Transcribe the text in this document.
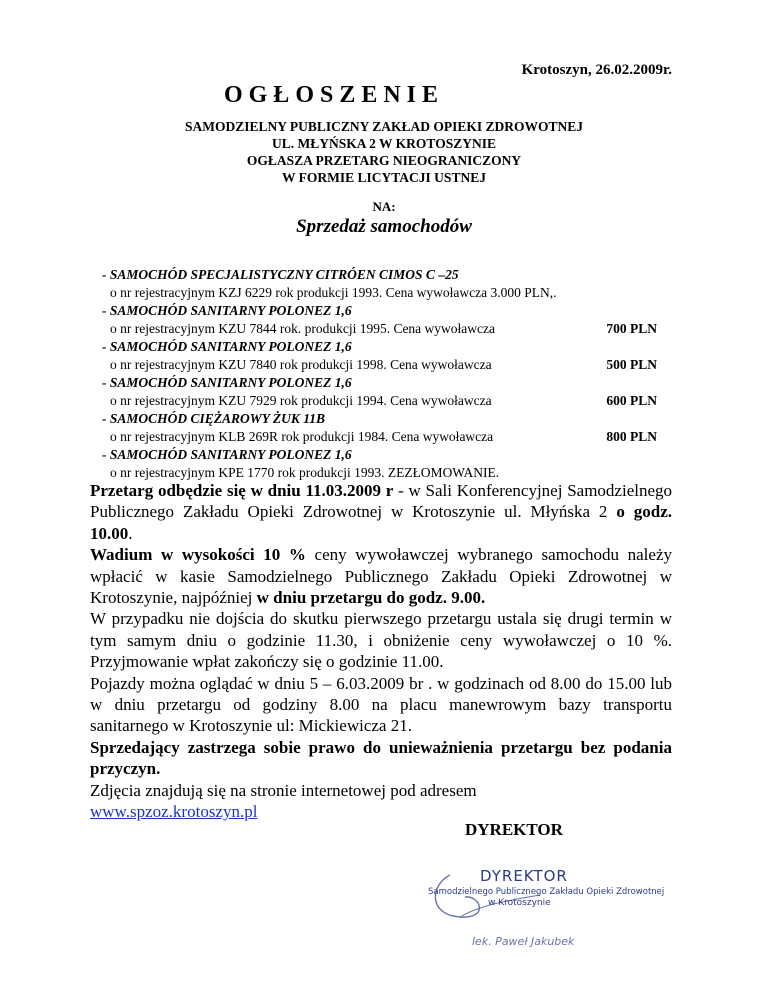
Krotoszyn, 26.02.2009r.
OGŁOSZENIE
SAMODZIELNY PUBLICZNY ZAKŁAD OPIEKI ZDROWOTNEJ
UL. MŁYŃSKA 2 W KROTOSZYNIE
OGŁASZA PRZETARG NIEOGRANICZONY
W FORMIE LICYTACJI USTNEJ
NA:
Sprzedaż samochodów
- SAMOCHÓD SPECJALISTYCZNY CITRÓEN CIMOS C –25
o nr rejestracyjnym KZJ 6229 rok produkcji 1993. Cena wywoławcza 3.000 PLN,.
- SAMOCHÓD SANITARNY POLONEZ 1,6
o nr rejestracyjnym KZU 7844 rok. produkcji 1995. Cena wywoławcza	700 PLN
- SAMOCHÓD SANITARNY POLONEZ 1,6
o nr rejestracyjnym KZU 7840 rok produkcji 1998. Cena wywoławcza	500 PLN
- SAMOCHÓD SANITARNY POLONEZ 1,6
o nr rejestracyjnym KZU 7929 rok produkcji 1994. Cena wywoławcza	600 PLN
- SAMOCHÓD CIĘŻAROWY ŻUK 11B
o nr rejestracyjnym KLB 269R rok produkcji 1984. Cena wywoławcza	800 PLN
- SAMOCHÓD SANITARNY POLONEZ 1,6
o nr rejestracyjnym KPE 1770 rok produkcji 1993. ZEZŁOMOWANIE.

Przetarg odbędzie się w dniu 11.03.2009 r - w Sali Konferencyjnej Samodzielnego Publicznego Zakładu Opieki Zdrowotnej w Krotoszynie ul. Młyńska 2 o godz. 10.00.

Wadium w wysokości 10 % ceny wywoławczej wybranego samochodu należy wpłacić w kasie Samodzielnego Publicznego Zakładu Opieki Zdrowotnej w Krotoszynie, najpóźniej w dniu przetargu do godz. 9.00.

W przypadku nie dojścia do skutku pierwszego przetargu ustala się drugi termin w tym samym dniu o godzinie 11.30, i obniżenie ceny wywoławczej o 10 %. Przyjmowanie wpłat zakończy się o godzinie 11.00.

Pojazdy można oglądać w dniu 5 – 6.03.2009 br . w godzinach od 8.00 do 15.00 lub w dniu przetargu od godziny 8.00 na placu manewrowym bazy transportu sanitarnego w Krotoszynie ul: Mickiewicza 21.

Sprzedający zastrzega sobie prawo do unieważnienia przetargu bez podania przyczyn.

Zdjęcia znajdują się na stronie internetowej pod adresem

www.spzoz.krotoszyn.pl

DYREKTOR
DYREKTOR
Samodzielnego Publicznego Zakładu Opieki Zdrowotnej
w Krotoszynie
lek. Paweł Jakubek
